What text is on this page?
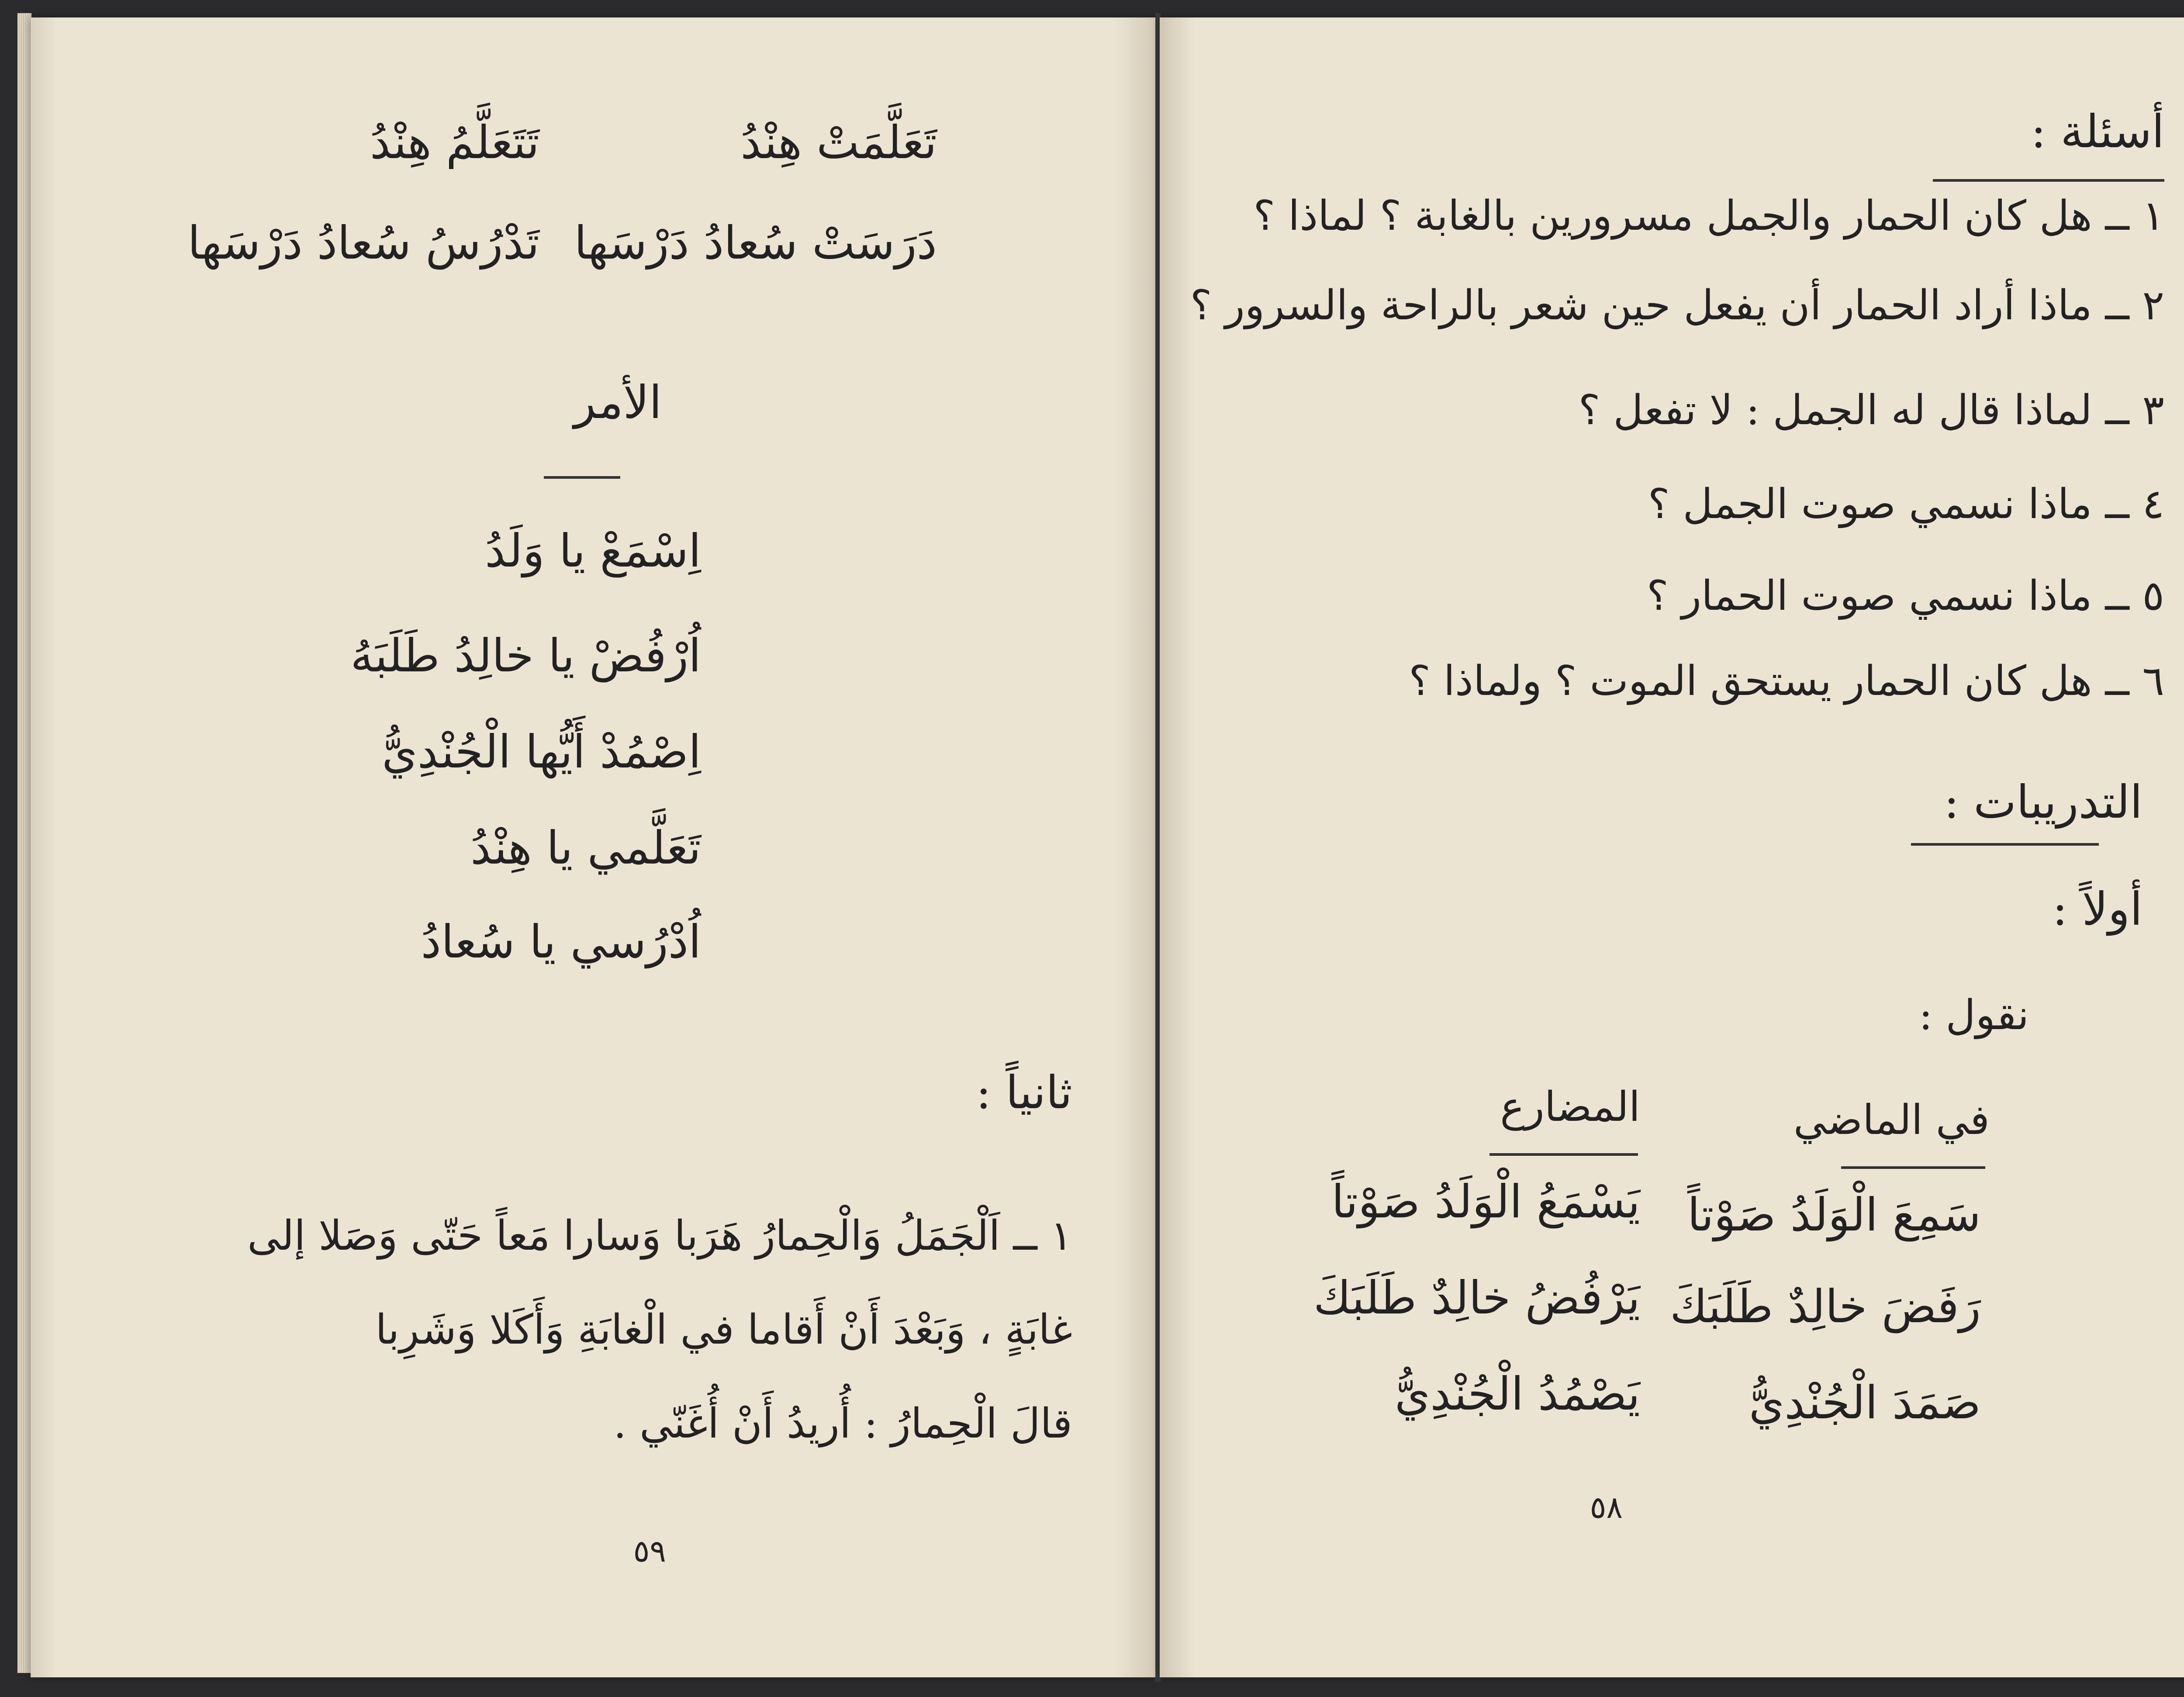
تَعَلَّمَتْ هِنْدُ
تَتَعَلَّمُ هِنْدُ
دَرَسَتْ سُعادُ دَرْسَها
تَدْرُسُ سُعادُ دَرْسَها
الأمر
اِسْمَعْ يا وَلَدُ
اُرْفُضْ يا خالِدُ طَلَبَهُ
اِصْمُدْ أَيُّها الْجُنْدِيُّ
تَعَلَّمي يا هِنْدُ
اُدْرُسي يا سُعادُ
ثانياً :
١ ــ اَلْجَمَلُ وَالْحِمارُ هَرَبا وَسارا مَعاً حَتّى وَصَلا إلى
غابَةٍ ، وَبَعْدَ أَنْ أَقاما في الْغابَةِ وَأَكَلا وَشَرِبا
قالَ الْحِمارُ : أُريدُ أَنْ أُغَنّي .
٥٩
أسئلة :
١ ــ هل كان الحمار والجمل مسرورين بالغابة ؟ لماذا ؟
٢ ــ ماذا أراد الحمار أن يفعل حين شعر بالراحة والسرور ؟
٣ ــ لماذا قال له الجمل : لا تفعل ؟
٤ ــ ماذا نسمي صوت الجمل ؟
٥ ــ ماذا نسمي صوت الحمار ؟
٦ ــ هل كان الحمار يستحق الموت ؟ ولماذا ؟
التدريبات :
أولاً :
نقول :
في الماضي
المضارع
سَمِعَ الْوَلَدُ صَوْتاً
رَفَضَ خالِدٌ طَلَبَكَ
صَمَدَ الْجُنْدِيُّ
يَسْمَعُ الْوَلَدُ صَوْتاً
يَرْفُضُ خالِدٌ طَلَبَكَ
يَصْمُدُ الْجُنْدِيُّ
٥٨
